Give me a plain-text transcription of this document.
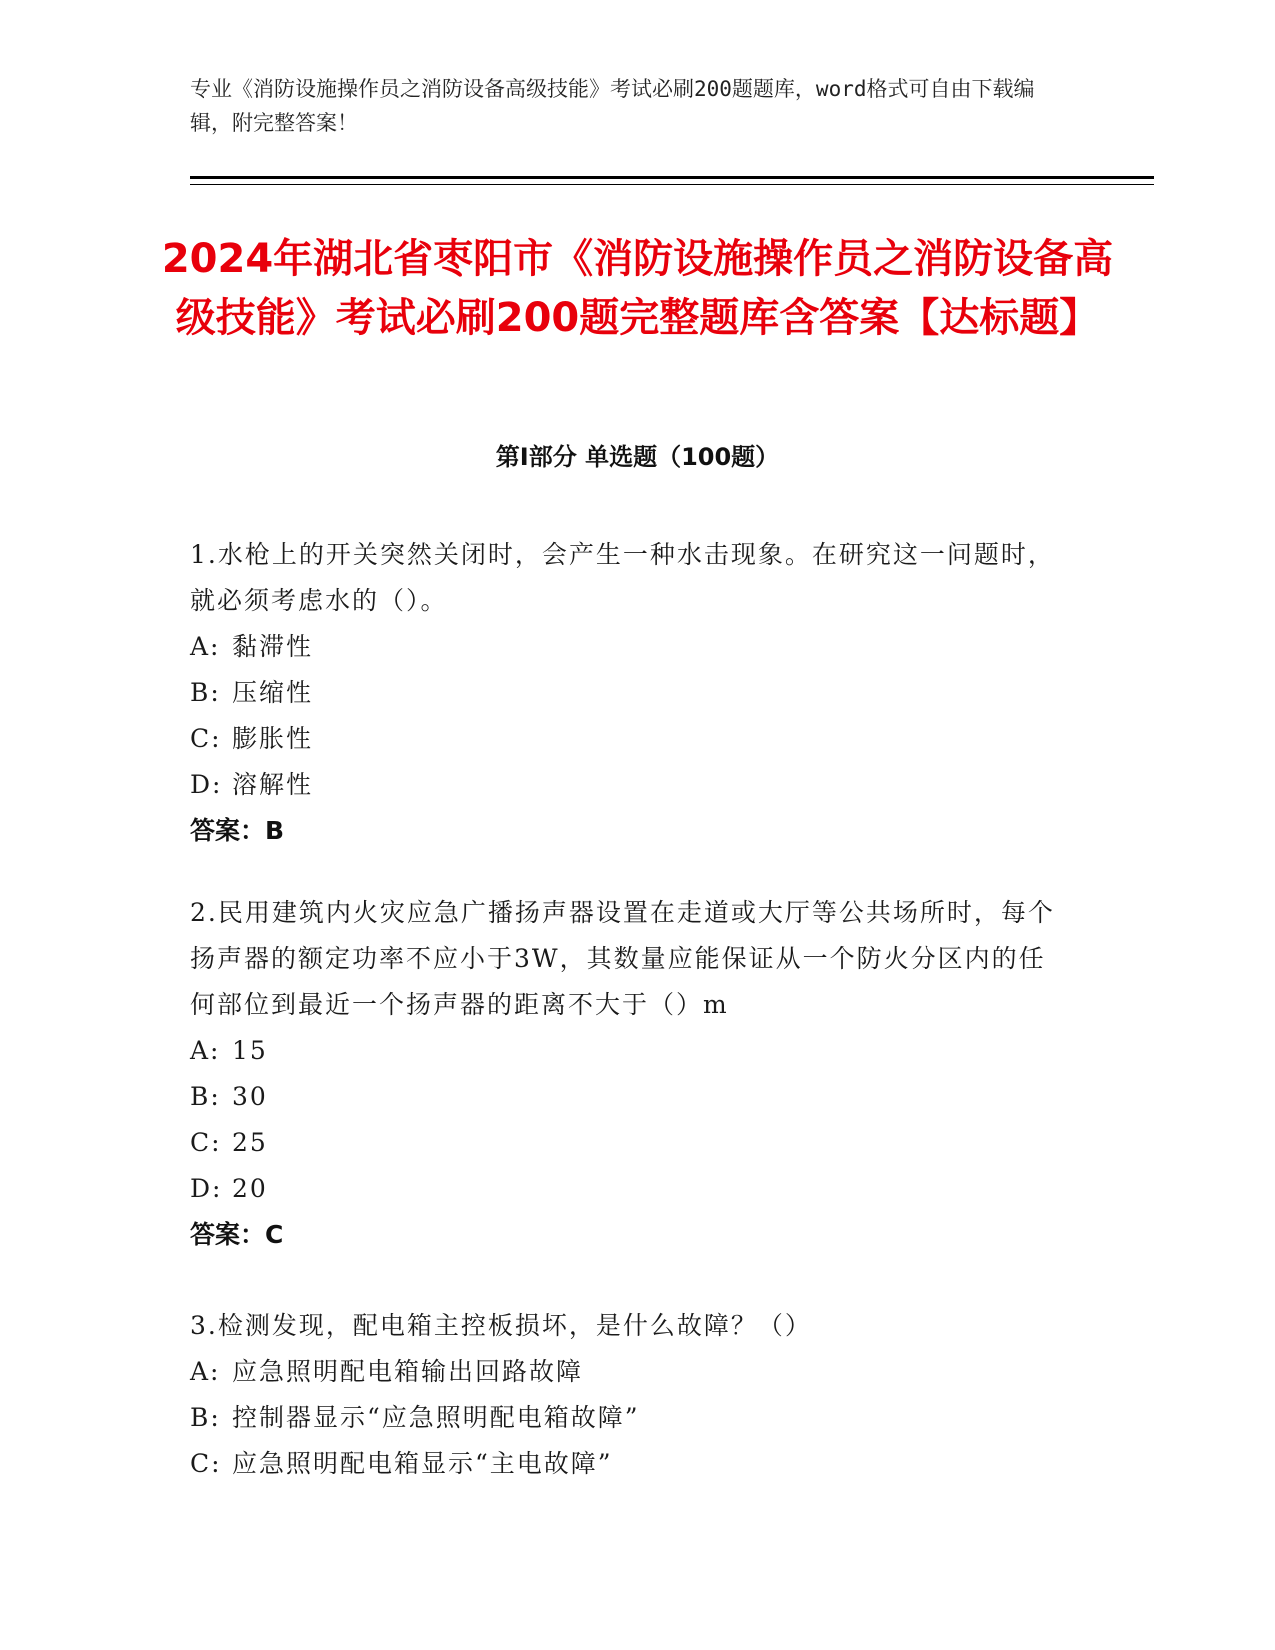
专业《消防设施操作员之消防设备高级技能》考试必刷200题题库，word格式可自由下载编辑，附完整答案！
2024年湖北省枣阳市《消防设施操作员之消防设备高级技能》考试必刷200题完整题库含答案【达标题】
第I部分 单选题（100题）
1.水枪上的开关突然关闭时，会产生一种水击现象。在研究这一问题时，就必须考虑水的（）。
A: 黏滞性
B: 压缩性
C: 膨胀性
D: 溶解性
答案：B
2.民用建筑内火灾应急广播扬声器设置在走道或大厅等公共场所时，每个扬声器的额定功率不应小于3W，其数量应能保证从一个防火分区内的任何部位到最近一个扬声器的距离不大于（）m
A: 15
B: 30
C: 25
D: 20
答案：C
3.检测发现，配电箱主控板损坏，是什么故障？（）
A: 应急照明配电箱输出回路故障
B: 控制器显示“应急照明配电箱故障”
C: 应急照明配电箱显示“主电故障”
